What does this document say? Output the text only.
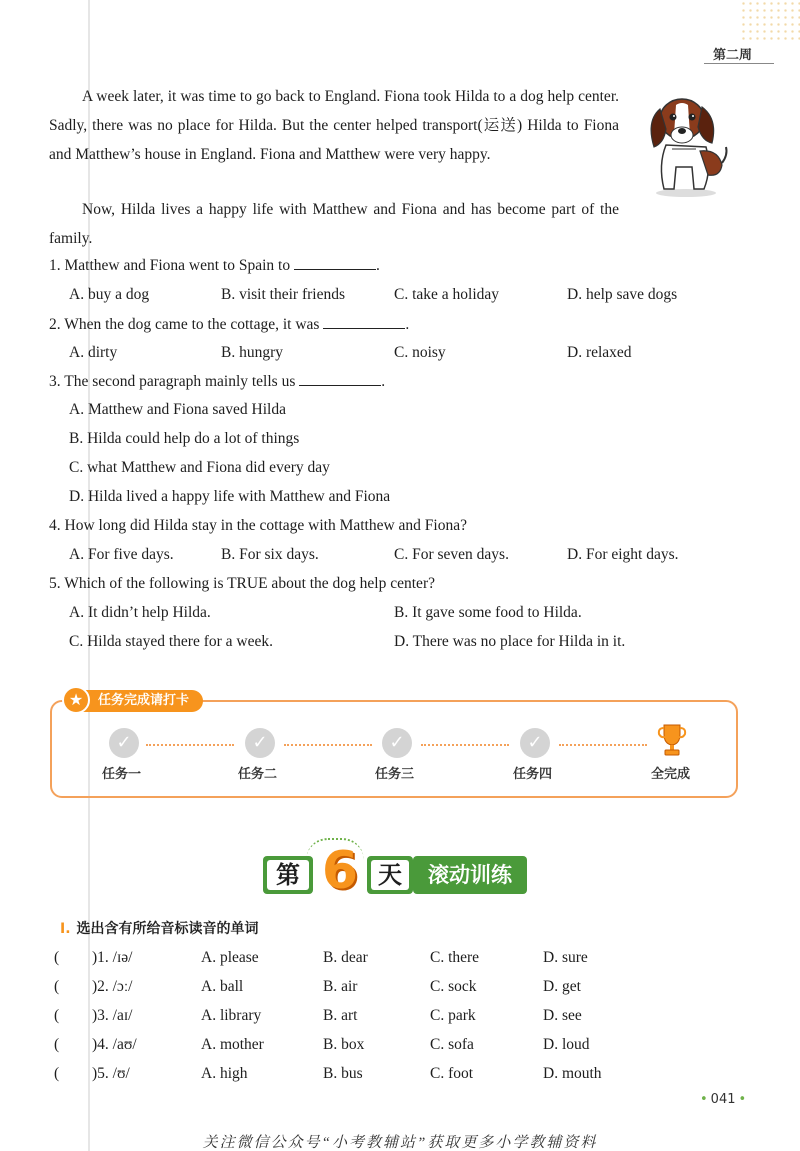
第二周

A week later, it was time to go back to England. Fiona took Hilda to a dog help center. Sadly, there was no place for Hilda. But the center helped transport(运送) Hilda to Fiona and Matthew’s house in England. Fiona and Matthew were very happy.

Now, Hilda lives a happy life with Matthew and Fiona and has become part of the family.

1. Matthew and Fiona went to Spain to	.
A. buy a dog	B. visit their friends	C. take a holiday	D. help save dogs
2. When the dog came to the cottage, it was	.
A. dirty	B. hungry	C. noisy	D. relaxed
3. The second paragraph mainly tells us	.
A. Matthew and Fiona saved Hilda
B. Hilda could help do a lot of things
C. what Matthew and Fiona did every day
D. Hilda lived a happy life with Matthew and Fiona
4. How long did Hilda stay in the cottage with Matthew and Fiona?
A. For five days.	B. For six days.	C. For seven days.	D. For eight days.
5. Which of the following is TRUE about the dog help center?
A. It didn’t help Hilda.	B. It gave some food to Hilda.
C. Hilda stayed there for a week.	D. There was no place for Hilda in it.
任务完成请打卡
★
✓	✓	✓	✓
任务一	任务二	任务三	任务四	全完成
第 6 天	滚动训练
Ⅰ. 选出含有所给音标读音的单词
( )1. /ɪə/	A. please	B. dear	C. there	D. sure
( )2. /ɔː/	A. ball	B. air	C. sock	D. get
( )3. /aɪ/	A. library	B. art	C. park	D. see
( )4. /aʊ/	A. mother	B. box	C. sofa	D. loud
( )5. /ʊ/	A. high	B. bus	C. foot	D. mouth
• 041 •
关注微信公众号“小考教辅站”获取更多小学教辅资料
